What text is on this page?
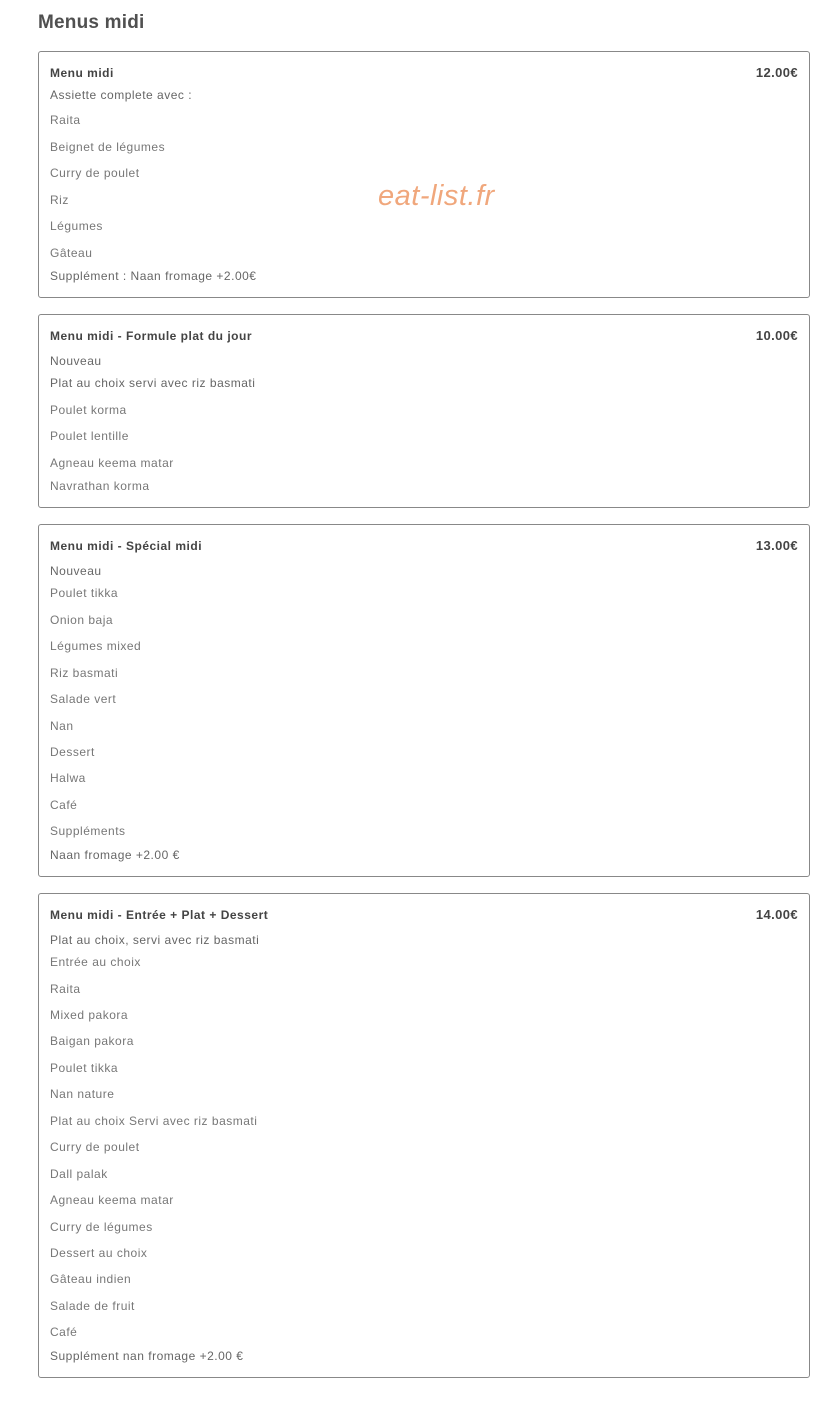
Menus midi
Menu midi	12.00€
Assiette complete avec :
Raita
Beignet de légumes
Curry de poulet
Riz
Légumes
Gâteau
Supplément : Naan fromage +2.00€
eat-list.fr
Menu midi - Formule plat du jour	10.00€
Nouveau
Plat au choix servi avec riz basmati
Poulet korma
Poulet lentille
Agneau keema matar
Navrathan korma
Menu midi - Spécial midi	13.00€
Nouveau
Poulet tikka
Onion baja
Légumes mixed
Riz basmati
Salade vert
Nan
Dessert
Halwa
Café
Suppléments
Naan fromage +2.00 €
Menu midi - Entrée + Plat + Dessert	14.00€
Plat au choix, servi avec riz basmati
Entrée au choix
Raita
Mixed pakora
Baigan pakora
Poulet tikka
Nan nature
Plat au choix Servi avec riz basmati
Curry de poulet
Dall palak
Agneau keema matar
Curry de légumes
Dessert au choix
Gâteau indien
Salade de fruit
Café
Supplément nan fromage +2.00 €
